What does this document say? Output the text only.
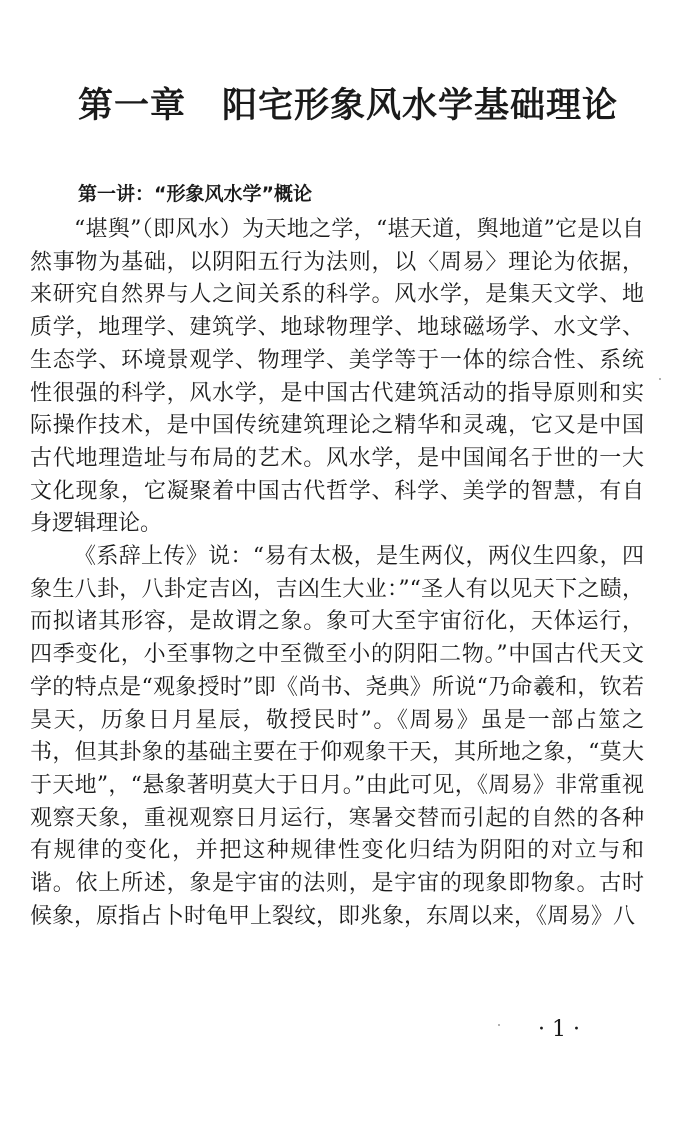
第一章　阳宅形象风水学基础理论
第一讲：“形象风水学”概论

“堪舆”（即风水）为天地之学，“堪天道，舆地道”它是以自然事物为基础，以阴阳五行为法则，以〈周易〉理论为依据，来研究自然界与人之间关系的科学。风水学，是集天文学、地质学，地理学、建筑学、地球物理学、地球磁场学、水文学、生态学、环境景观学、物理学、美学等于一体的综合性、系统性很强的科学，风水学，是中国古代建筑活动的指导原则和实际操作技术，是中国传统建筑理论之精华和灵魂，它又是中国古代地理造址与布局的艺术。风水学，是中国闻名于世的一大文化现象，它凝聚着中国古代哲学、科学、美学的智慧，有自身逻辑理论。

《系辞上传》说：“易有太极，是生两仪，两仪生四象，四象生八卦，八卦定吉凶，吉凶生大业：”“圣人有以见天下之赜，而拟诸其形容，是故谓之象。象可大至宇宙衍化，天体运行，四季变化，小至事物之中至微至小的阴阳二物。”中国古代天文学的特点是“观象授时”即《尚书、尧典》所说“乃命羲和，钦若昊天，历象日月星辰，敬授民时”。《周易》虽是一部占筮之书，但其卦象的基础主要在于仰观象干天，其所地之象，“莫大于天地”，“悬象著明莫大于日月。”由此可见，《周易》非常重视观察天象，重视观察日月运行，寒暑交替而引起的自然的各种有规律的变化，并把这种规律性变化归结为阴阳的对立与和谐。依上所述，象是宇宙的法则，是宇宙的现象即物象。古时候象，原指占卜时龟甲上裂纹，即兆象，东周以来，《周易》八

· 1 ·
